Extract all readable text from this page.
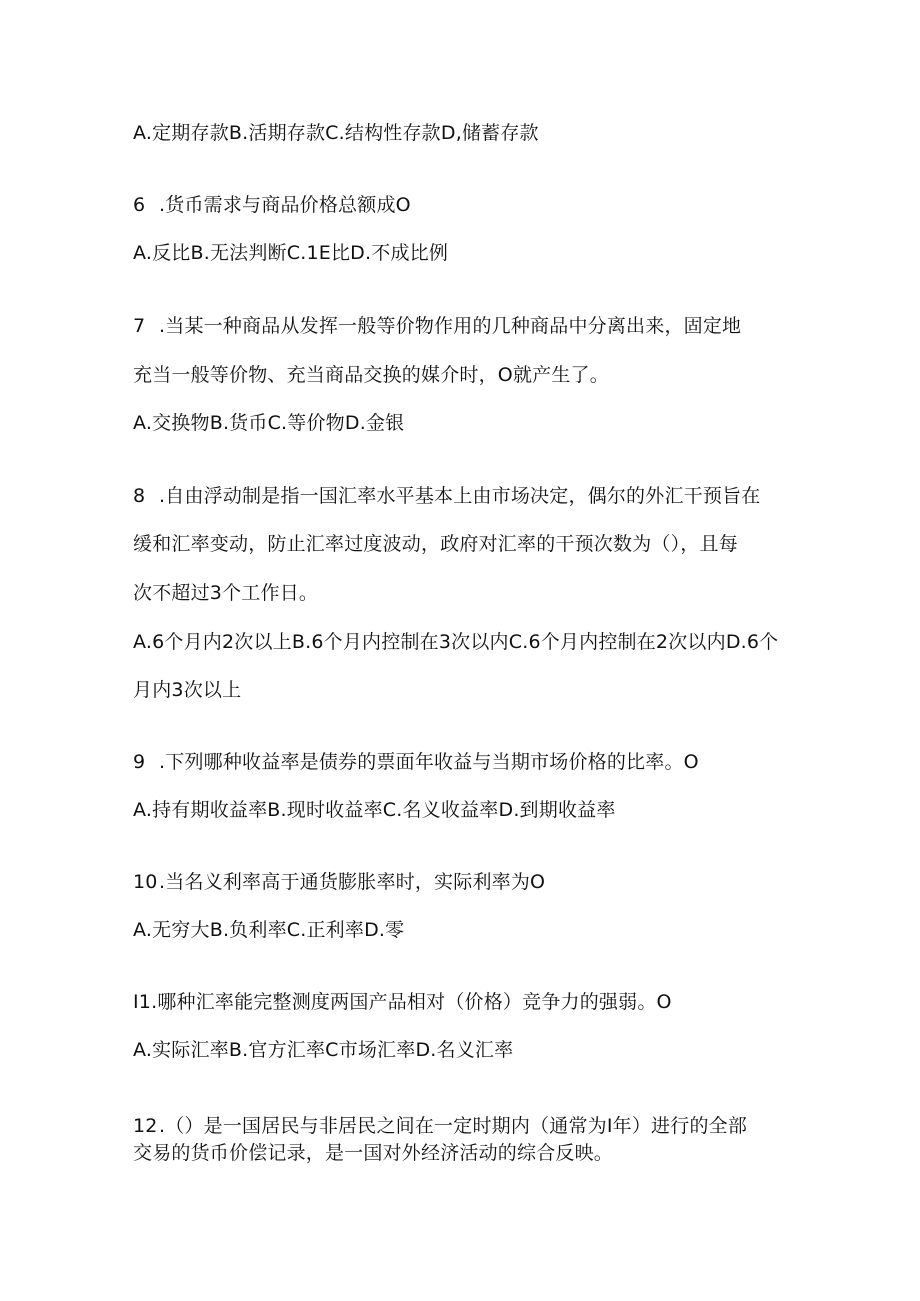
A.定期存款B.活期存款C.结构性存款D,储蓄存款
6 .货币需求与商品价格总额成O
A.反比B.无法判断C.1E比D.不成比例
7 .当某一种商品从发挥一般等价物作用的几种商品中分离出来，固定地
充当一般等价物、充当商品交换的媒介时，O就产生了。
A.交换物B.货币C.等价物D.金银
8 .自由浮动制是指一国汇率水平基本上由市场决定，偶尔的外汇干预旨在
缓和汇率变动，防止汇率过度波动，政府对汇率的干预次数为（），且每
次不超过3个工作日。
A.6个月内2次以上B.6个月内控制在3次以内C.6个月内控制在2次以内D.6个
月内3次以上
9 .下列哪种收益率是债券的票面年收益与当期市场价格的比率。O
A.持有期收益率B.现时收益率C.名义收益率D.到期收益率
10.当名义利率高于通货膨胀率时，实际利率为O
A.无穷大B.负利率C.正利率D.零
I1.哪种汇率能完整测度两国产品相对（价格）竞争力的强弱。O
A.实际汇率B.官方汇率C市场汇率D.名义汇率
12.（）是一国居民与非居民之间在一定时期内（通常为I年）进行的全部
交易的货币价偿记录，是一国对外经济活动的综合反映。
